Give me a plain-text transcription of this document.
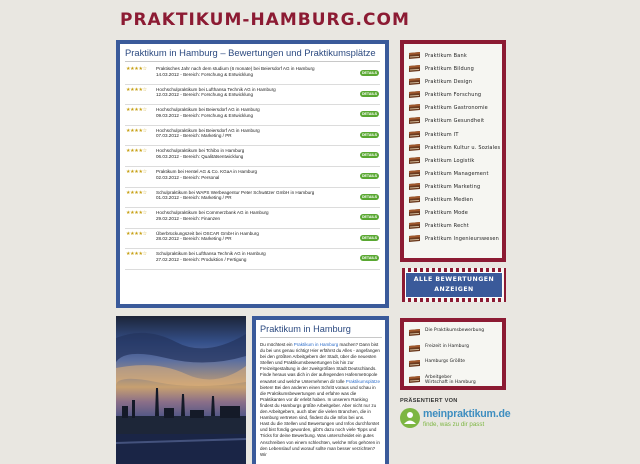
PRAKTIKUM-HAMBURG.COM
Praktikum in Hamburg – Bewertungen und Praktikumsplätze
★★★★☆ Praktisches Jahr nach dem studium (6 monate) bei Beiersdorf AG in Hamburg
14.03.2012 - Bereich: Forschung & Entwicklung	DETAILS
★★★★☆ Hochschulpraktikum bei Lufthansa Technik AG in Hamburg
12.03.2012 - Bereich: Forschung & Entwicklung	DETAILS
★★★★☆ Hochschulpraktikum bei Beiersdorf AG in Hamburg
09.03.2012 - Bereich: Forschung & Entwicklung	DETAILS
★★★★☆ Hochschulpraktikum bei Beiersdorf AG in Hamburg
07.03.2012 - Bereich: Marketing / PR	DETAILS
★★★★☆ Hochschulpraktikum bei Tchibo in Hamburg
06.03.2012 - Bereich: Qualitätsentwicklung	DETAILS
★★★★☆ Praktikum bei Hentel AG & Co. KGaA in Hamburg
02.03.2012 - Bereich: Personal	DETAILS
★★★★☆ Schulpraktikum bei WAPS Werbeagentur Peter Schwätzer GmbH in Hamburg
01.03.2012 - Bereich: Marketing / PR	DETAILS
★★★★☆ Hochschulpraktikum bei Commerzbank AG in Hamburg
29.02.2012 - Bereich: Finanzen	DETAILS
★★★★☆ Überbrückungszeit bei OSCAR GmbH in Hamburg
28.02.2012 - Bereich: Marketing / PR	DETAILS
★★★★☆ Schulpraktikum bei Lufthansa Technik AG in Hamburg
27.02.2012 - Bereich: Produktion / Fertigung	DETAILS
Praktikum in Hamburg
Du möchtest ein Praktikum in Hamburg machen? Dann bist du bei uns genau richtig! Hier erfährst du Alles - angefangen bei den größten Arbeitgebern der Stadt, über die neuesten Stellen und Praktikumsbewertungen bis hin zur Freizeitgestaltung in der zweitgrößten Stadt Deutschlands. Finde heraus was dich in der aufregenden Hafenmetropole erwartet und welche Unternehmen dir tolle Praktikumsplätze bieten! Bei den anderen einen Schritt voraus und schau in die Praktikumsbewertungen und erfahre was die Praktikanten vor dir erlebt haben. In unserem Ranking findest du Hamburgs größte Arbeitgeber. Aber nicht nur zu den Arbeitgebern, auch über die vielen Branchen, die in Hamburg vertreten sind, findest du die Infos bei uns.
Hast du die Stellen und Bewertungen und Infos durchforstet und bist fündig geworden, gibt's dazu noch viele Tipps und Tricks für deine Bewerbung. Was unterscheidet ein gutes Anschreiben von einem schlechten, welche Infos gehören in den Lebenslauf und worauf sollte man besser verzichten? Wir
Praktikum Bank
Praktikum Bildung
Praktikum Design
Praktikum Forschung
Praktikum Gastronomie
Praktikum Gesundheit
Praktikum IT
Praktikum Kultur u. Soziales
Praktikum Logistik
Praktikum Management
Praktikum Marketing
Praktikum Medien
Praktikum Mode
Praktikum Recht
Praktikum Ingenieurswesen
ALLE BEWERTUNGEN ANZEIGEN
Die Praktikumsbewerbung
Freizeit in Hamburg
Hamburgs Größte
Arbeitgeber
Wirtschaft in Hamburg
PRÄSENTIERT VON
meinpraktikum.de
finde, was zu dir passt
